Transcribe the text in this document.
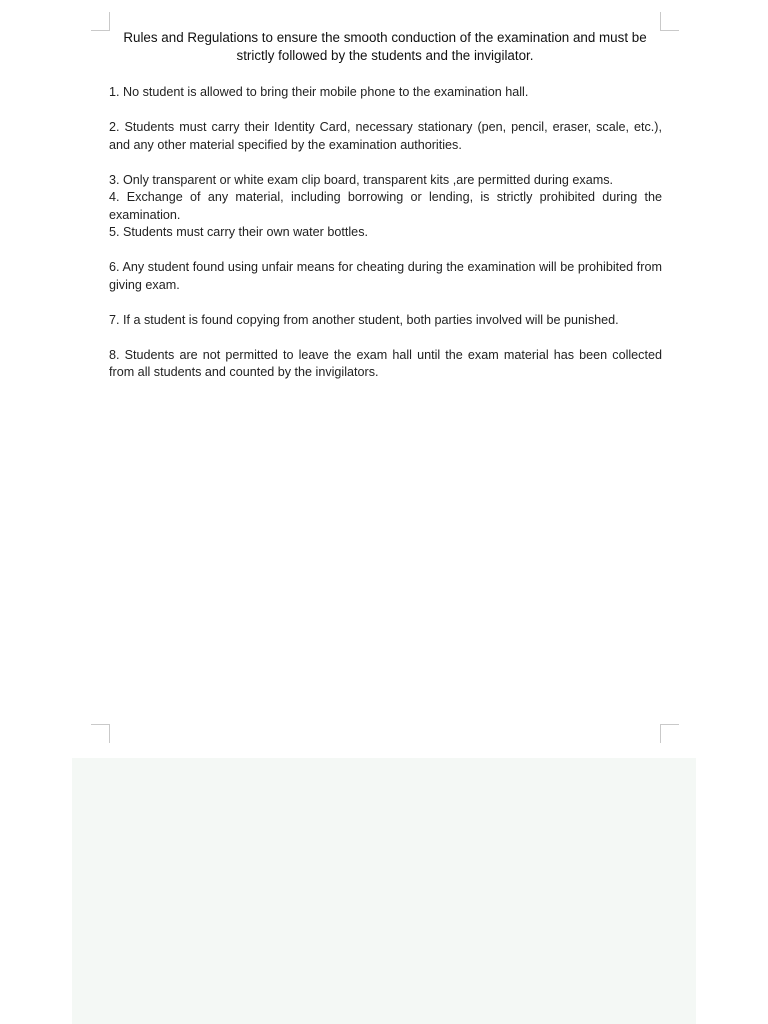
Rules and Regulations to ensure the smooth conduction of the examination and must be strictly followed by the students and the invigilator.

1. No student is allowed to bring their mobile phone to the examination hall.

2. Students must carry their Identity Card, necessary stationary (pen, pencil, eraser, scale, etc.), and any other material specified by the examination authorities.

3. Only transparent or white exam clip board, transparent kits ,are permitted during exams.

4. Exchange of any material, including borrowing or lending, is strictly prohibited during the examination.

5. Students must carry their own water bottles.

6. Any student found using unfair means for cheating during the examination will be prohibited from giving exam.

7. If a student is found copying from another student, both parties involved will be punished.

8. Students are not permitted to leave the exam hall until the exam material has been collected from all students and counted by the invigilators.
